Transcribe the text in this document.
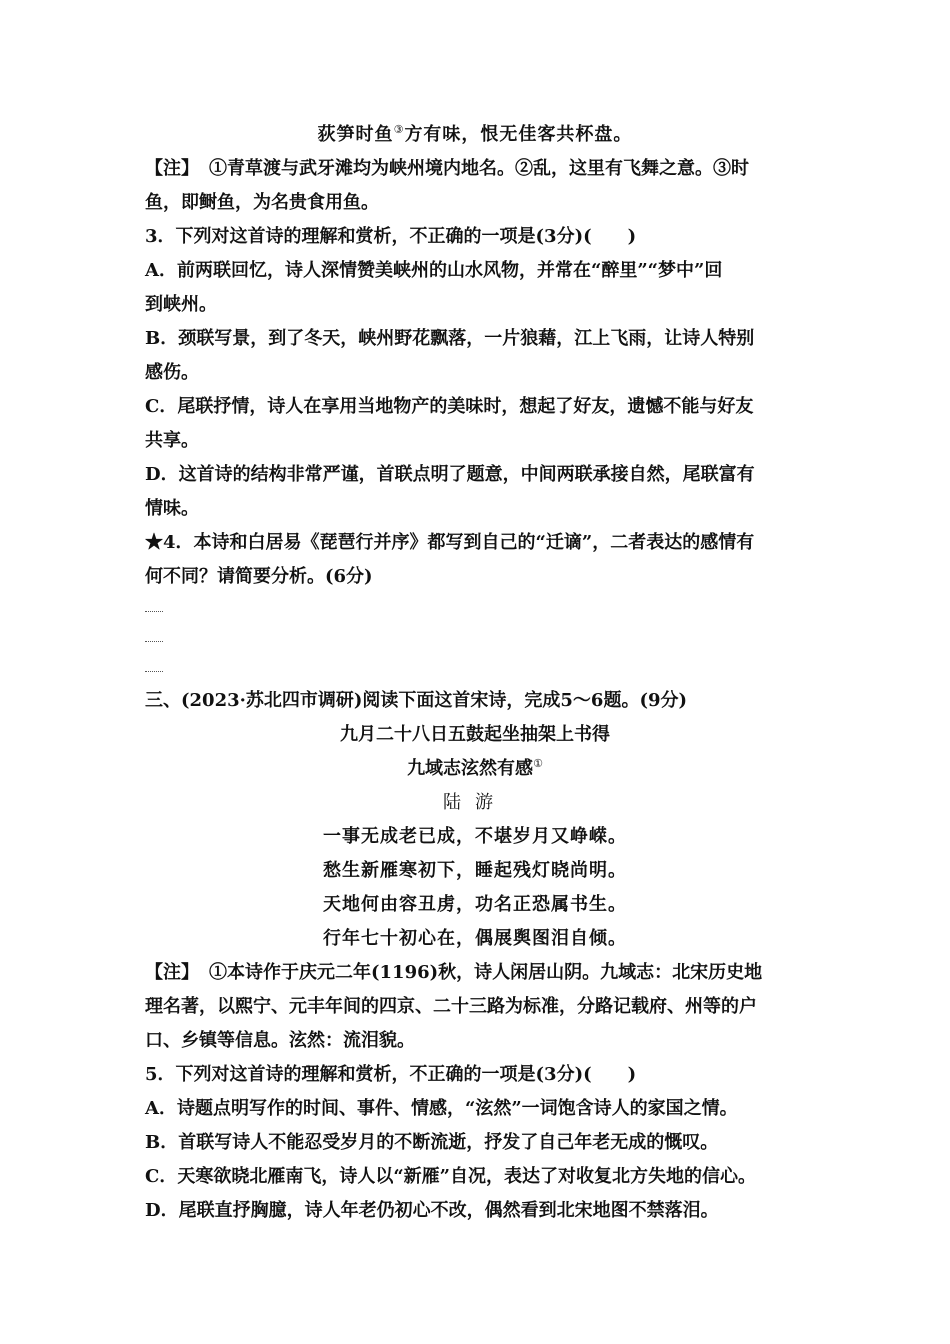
荻笋时鱼③方有味，恨无佳客共杯盘。
【注】 ①青草渡与武牙滩均为峡州境内地名。②乱，这里有飞舞之意。③时
鱼，即鲥鱼，为名贵食用鱼。
3．下列对这首诗的理解和赏析，不正确的一项是(3分)(　　)
A．前两联回忆，诗人深情赞美峡州的山水风物，并常在“醉里”“梦中”回
到峡州。
B．颈联写景，到了冬天，峡州野花飘落，一片狼藉，江上飞雨，让诗人特别
感伤。
C．尾联抒情，诗人在享用当地物产的美味时，想起了好友，遗憾不能与好友
共享。
D．这首诗的结构非常严谨，首联点明了题意，中间两联承接自然，尾联富有
情味。
★4．本诗和白居易《琵琶行并序》都写到自己的“迁谪”，二者表达的感情有
何不同？请简要分析。(6分)
三、(2023·苏北四市调研)阅读下面这首宋诗，完成5～6题。(9分)
九月二十八日五鼓起坐抽架上书得
九域志泫然有感①
陆游
一事无成老已成，不堪岁月又峥嵘。
愁生新雁寒初下，睡起残灯晓尚明。
天地何由容丑虏，功名正恐属书生。
行年七十初心在，偶展舆图泪自倾。
【注】 ①本诗作于庆元二年(1196)秋，诗人闲居山阴。九域志：北宋历史地
理名著，以熙宁、元丰年间的四京、二十三路为标准，分路记载府、州等的户
口、乡镇等信息。泫然：流泪貌。
5．下列对这首诗的理解和赏析，不正确的一项是(3分)(　　)
A．诗题点明写作的时间、事件、情感，“泫然”一词饱含诗人的家国之情。
B．首联写诗人不能忍受岁月的不断流逝，抒发了自己年老无成的慨叹。
C．天寒欲晓北雁南飞，诗人以“新雁”自况，表达了对收复北方失地的信心。
D．尾联直抒胸臆，诗人年老仍初心不改，偶然看到北宋地图不禁落泪。
